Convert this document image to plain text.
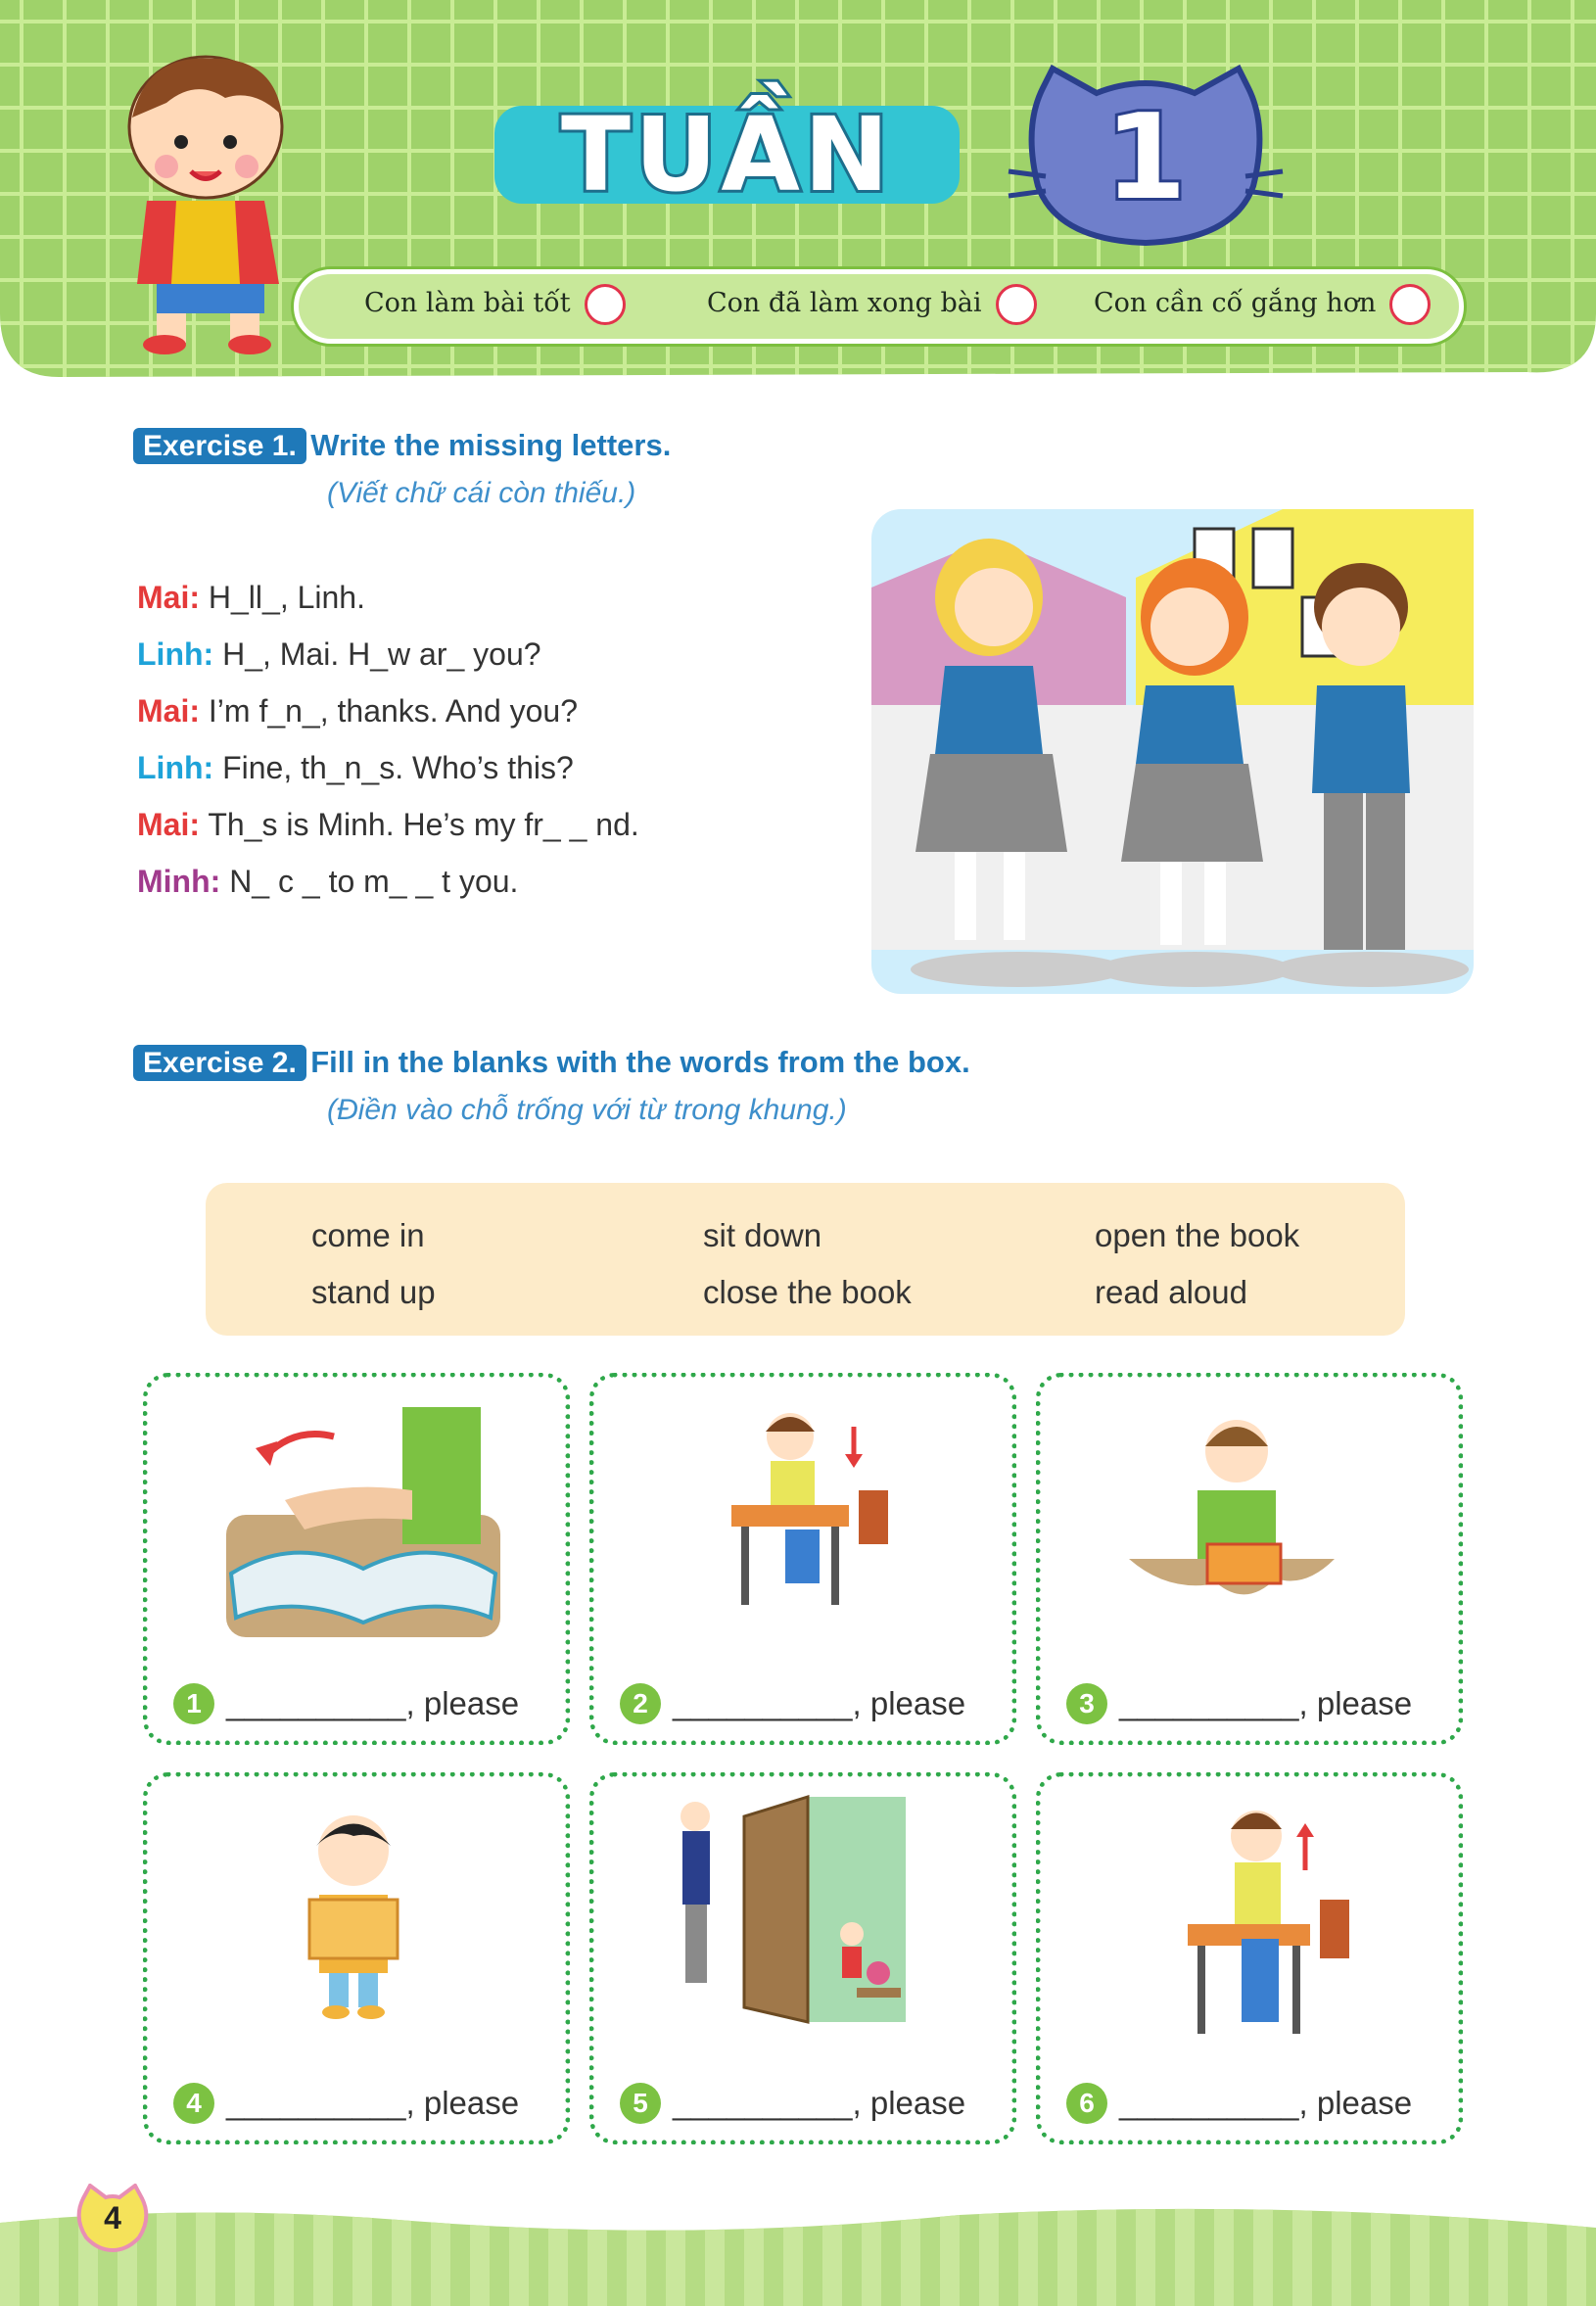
TUẦN	1
Con làm bài tốt	Con đã làm xong bài	Con cần cố gắng hơn
Exercise 1. Write the missing letters.
(Viết chữ cái còn thiếu.)
Mai: H_ll_, Linh.
Linh: H_, Mai. H_w ar_ you?
Mai: I’m f_n_, thanks. And you?
Linh: Fine, th_n_s. Who’s this?
Mai: Th_s is Minh. He’s my fr_ _ nd.
Minh: N_ c _ to m_ _ t you.
Exercise 2. Fill in the blanks with the words from the box.
(Điền vào chỗ trống với từ trong khung.)
come in	sit down	open the book
stand up	close the book	read aloud
1 __________, please	2 __________, please	3 __________, please
4 __________, please	5 __________, please	6 __________, please
4
